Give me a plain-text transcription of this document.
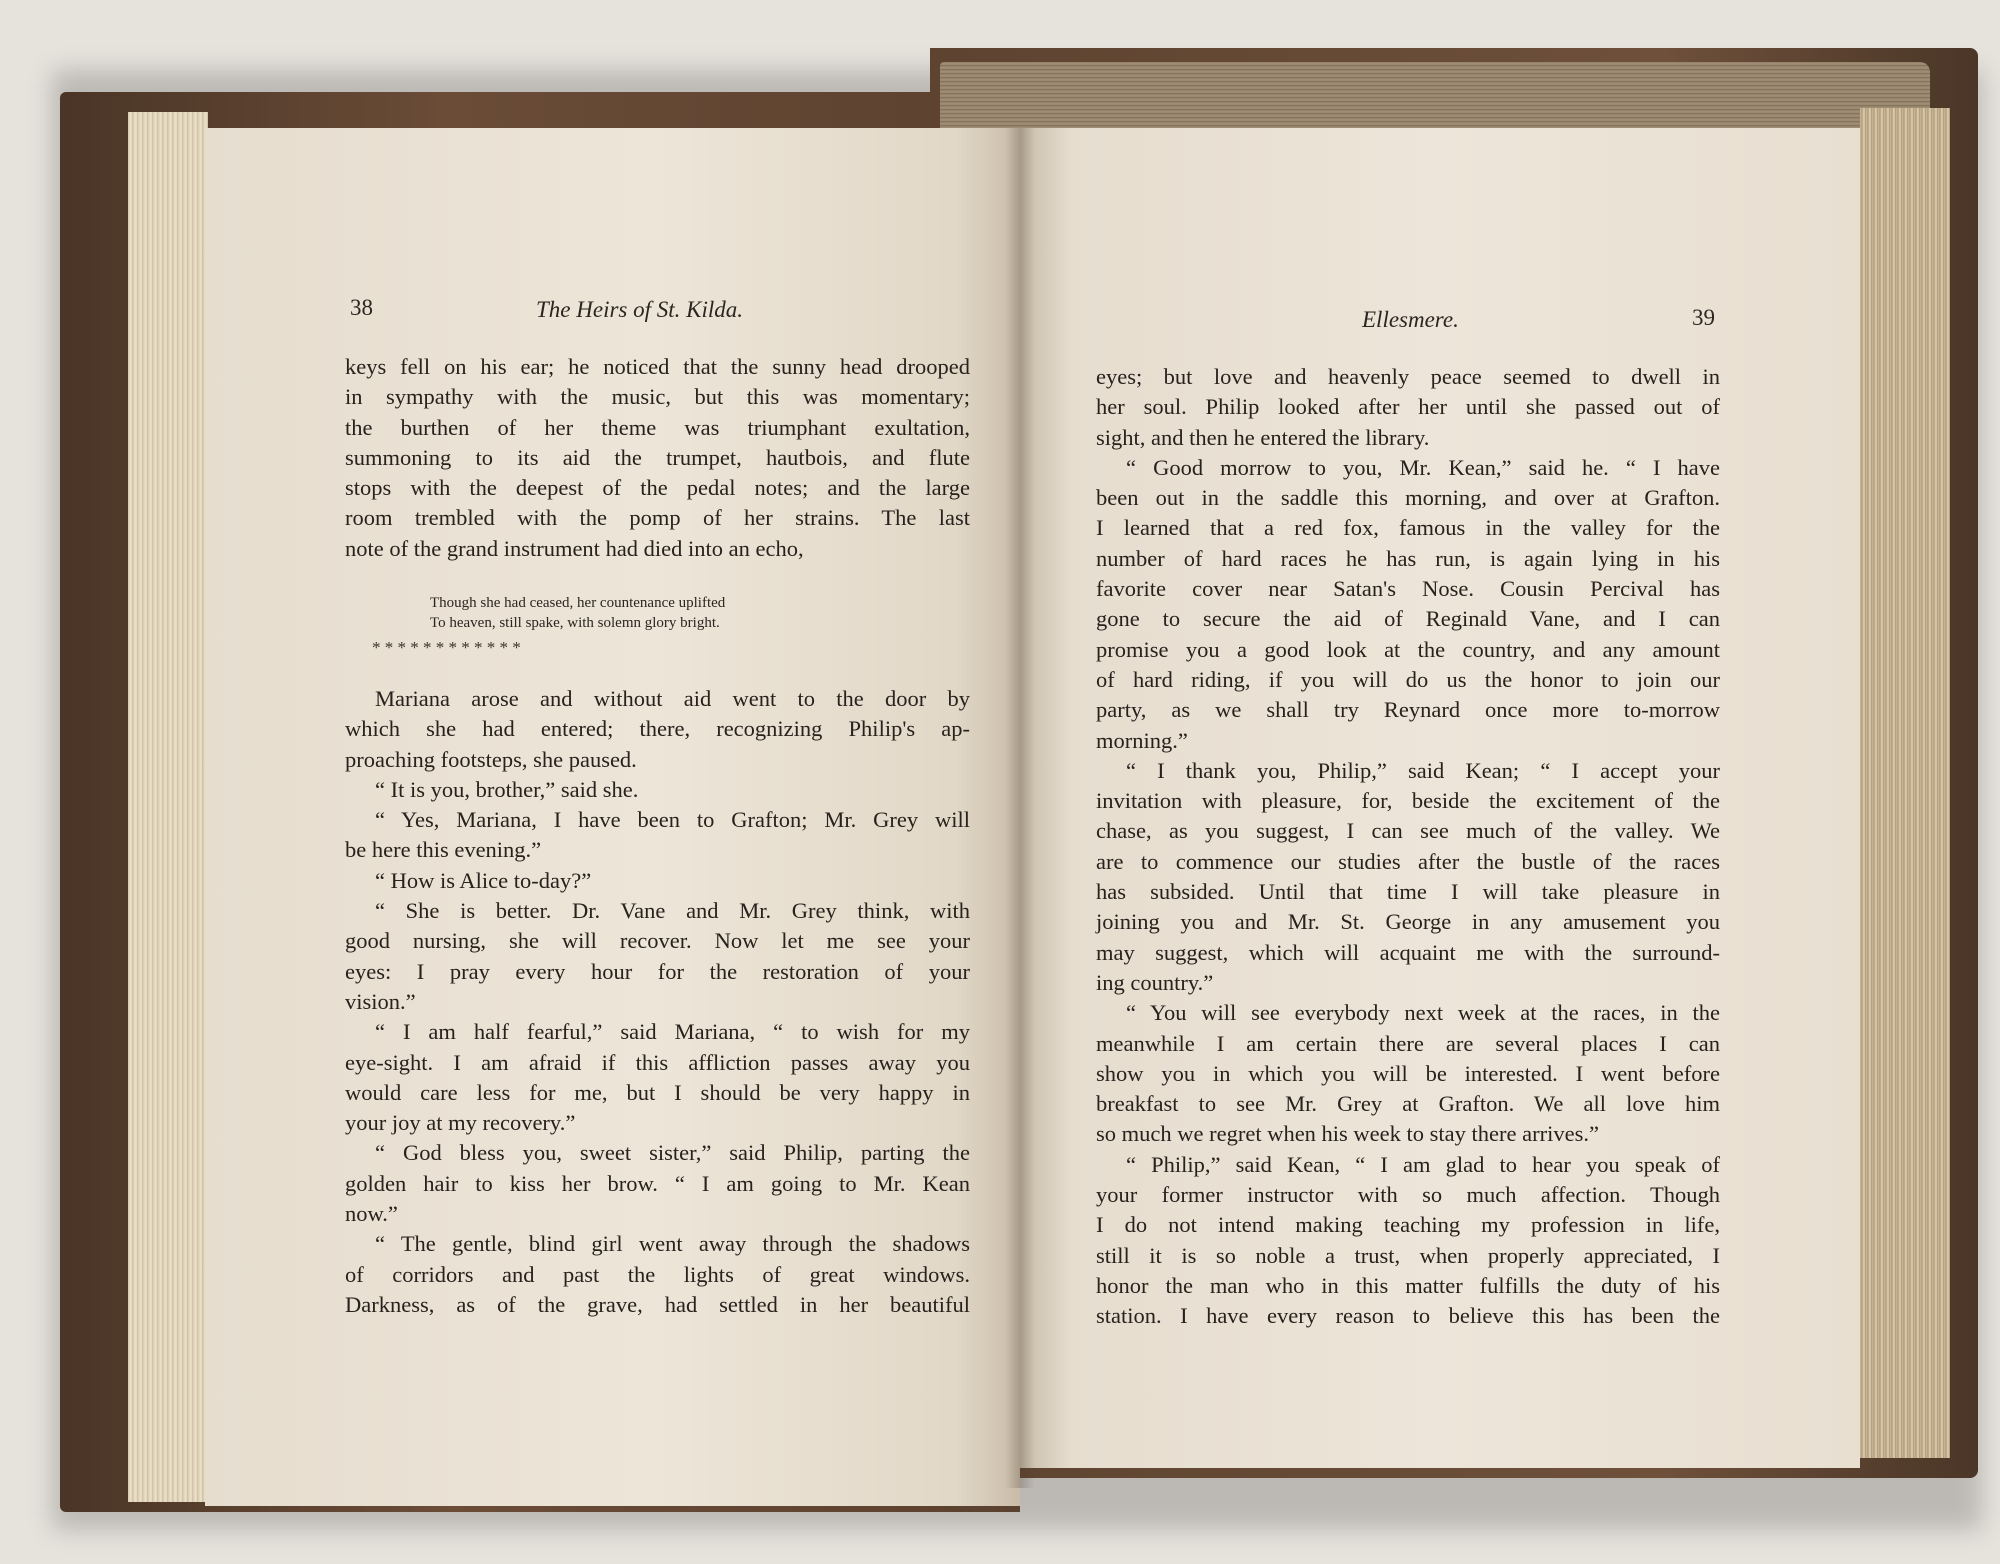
38	The Heirs of St. Kilda.	Ellesmere.	39

keys fell on his ear; he noticed that the sunny head drooped

in sympathy with the music, but this was momentary;

the burthen of her theme was triumphant exultation,

summoning to its aid the trumpet, hautbois, and flute

stops with the deepest of the pedal notes; and the large

room trembled with the pomp of her strains. The last

note of the grand instrument had died into an echo,

Though she had ceased, her countenance uplifted
To heaven, still spake, with solemn glory bright.
* * * * * * * * * * * *

Mariana arose and without aid went to the door by

which she had entered; there, recognizing Philip's ap-

proaching footsteps, she paused.

“ It is you, brother,” said she.

“ Yes, Mariana, I have been to Grafton; Mr. Grey will

be here this evening.”

“ How is Alice to-day?”

“ She is better. Dr. Vane and Mr. Grey think, with

good nursing, she will recover. Now let me see your

eyes: I pray every hour for the restoration of your

vision.”

“ I am half fearful,” said Mariana, “ to wish for my

eye-sight. I am afraid if this affliction passes away you

would care less for me, but I should be very happy in

your joy at my recovery.”

“ God bless you, sweet sister,” said Philip, parting the

golden hair to kiss her brow. “ I am going to Mr. Kean

now.”

“ The gentle, blind girl went away through the shadows

of corridors and past the lights of great windows.

Darkness, as of the grave, had settled in her beautiful

eyes; but love and heavenly peace seemed to dwell in

her soul. Philip looked after her until she passed out of

sight, and then he entered the library.

“ Good morrow to you, Mr. Kean,” said he. “ I have

been out in the saddle this morning, and over at Grafton.

I learned that a red fox, famous in the valley for the

number of hard races he has run, is again lying in his

favorite cover near Satan's Nose. Cousin Percival has

gone to secure the aid of Reginald Vane, and I can

promise you a good look at the country, and any amount

of hard riding, if you will do us the honor to join our

party, as we shall try Reynard once more to-morrow

morning.”

“ I thank you, Philip,” said Kean; “ I accept your

invitation with pleasure, for, beside the excitement of the

chase, as you suggest, I can see much of the valley. We

are to commence our studies after the bustle of the races

has subsided. Until that time I will take pleasure in

joining you and Mr. St. George in any amusement you

may suggest, which will acquaint me with the surround-

ing country.”

“ You will see everybody next week at the races, in the

meanwhile I am certain there are several places I can

show you in which you will be interested. I went before

breakfast to see Mr. Grey at Grafton. We all love him

so much we regret when his week to stay there arrives.”

“ Philip,” said Kean, “ I am glad to hear you speak of

your former instructor with so much affection. Though

I do not intend making teaching my profession in life,

still it is so noble a trust, when properly appreciated, I

honor the man who in this matter fulfills the duty of his

station. I have every reason to believe this has been the
